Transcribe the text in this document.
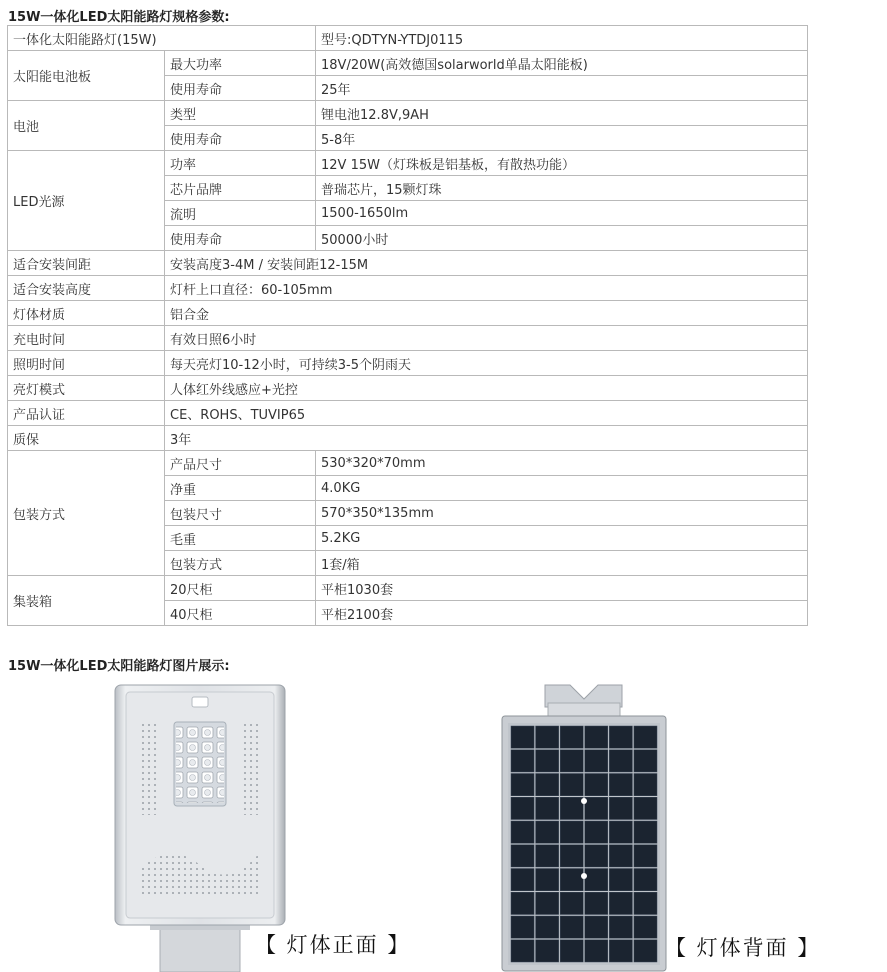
15W一体化LED太阳能路灯规格参数:
一体化太阳能路灯(15W)		型号:QDTYN-YTDJ0115
太阳能电池板	最大功率	18V/20W(高效德国solarworld单晶太阳能板)
	使用寿命	25年
电池	类型	锂电池12.8V,9AH
	使用寿命	5-8年
LED光源	功率	12V 15W（灯珠板是铝基板，有散热功能）
	芯片品牌	普瑞芯片，15颗灯珠
	流明	1500-1650lm
	使用寿命	50000小时
适合安装间距	安装高度3-4M / 安装间距12-15M	
适合安装高度	灯杆上口直径：60-105mm	
灯体材质	铝合金	
充电时间	有效日照6小时	
照明时间	每天亮灯10-12小时，可持续3-5个阴雨天	
亮灯模式	人体红外线感应+光控	
产品认证	CE、ROHS、TUVIP65	
质保	3年	
包装方式	产品尺寸	530*320*70mm
	净重	4.0KG
	包装尺寸	570*350*135mm
	毛重	5.2KG
	包装方式	1套/箱
集装箱	20尺柜	平柜1030套
	40尺柜	平柜2100套
15W一体化LED太阳能路灯图片展示:
【 灯体正面 】	【 灯体背面 】
